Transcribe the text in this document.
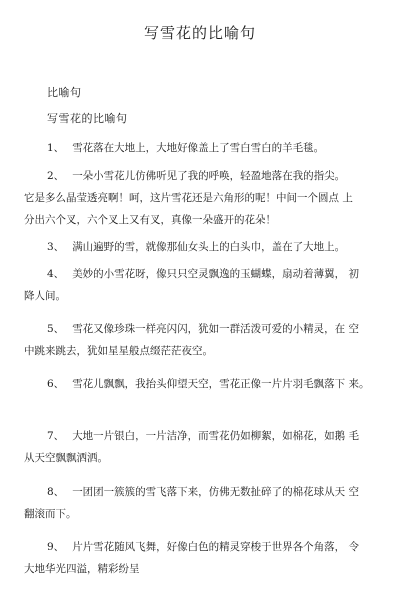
写雪花的比喻句
比喻句
写雪花的比喻句
1、 雪花落在大地上，大地好像盖上了雪白雪白的羊毛毯。
2、 一朵小雪花儿仿佛听见了我的呼唤，轻盈地落在我的指尖。
它是多么晶莹透亮啊！呵，这片雪花还是六角形的呢！中间一个圆点 上
分出六个叉，六个叉上又有叉，真像一朵盛开的花朵！
3、 满山遍野的雪，就像那仙女头上的白头巾，盖在了大地上。
4、 美妙的小雪花呀，像只只空灵飘逸的玉蝴蝶，扇动着薄翼， 初
降人间。
5、 雪花又像珍珠一样亮闪闪，犹如一群活泼可爱的小精灵，在 空
中跳来跳去，犹如星星般点缀茫茫夜空。
6、 雪花儿飘飘，我抬头仰望天空，雪花正像一片片羽毛飘落下 来。
7、 大地一片银白，一片洁净，而雪花仍如柳絮，如棉花，如鹅 毛
从天空飘飘洒洒。
8、 一团团一簇簇的雪飞落下来，仿佛无数扯碎了的棉花球从天 空
翻滚而下。
9、 片片雪花随风飞舞，好像白色的精灵穿梭于世界各个角落， 令
大地华光四溢，精彩纷呈
